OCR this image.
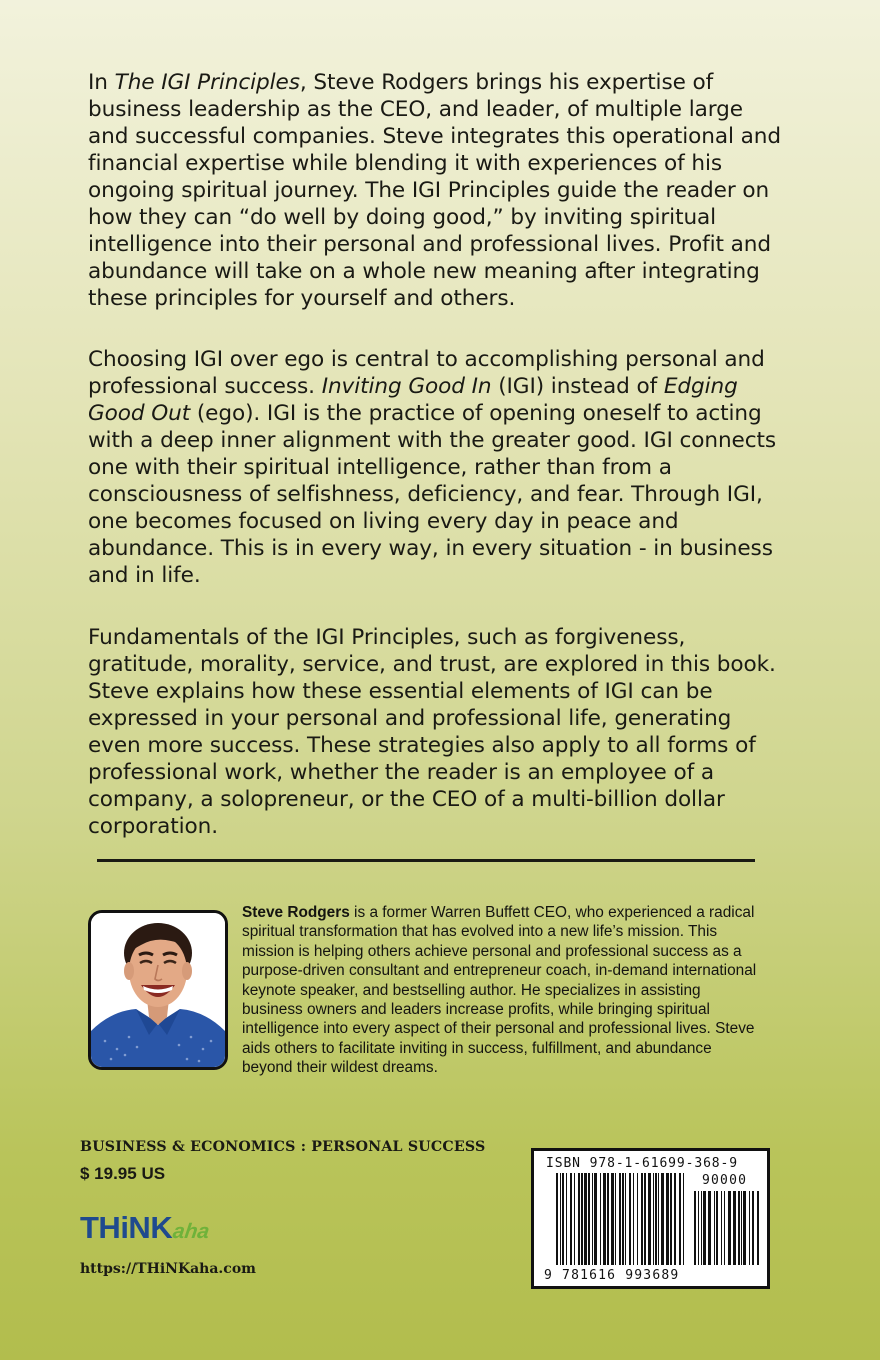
In The IGI Principles, Steve Rodgers brings his expertise of business leadership as the CEO, and leader, of multiple large and successful companies. Steve integrates this operational and financial expertise while blending it with experiences of his ongoing spiritual journey. The IGI Principles guide the reader on how they can “do well by doing good,” by inviting spiritual intelligence into their personal and professional lives. Profit and abundance will take on a whole new meaning after integrating these principles for yourself and others.

Choosing IGI over ego is central to accomplishing personal and professional success. Inviting Good In (IGI) instead of Edging Good Out (ego). IGI is the practice of opening oneself to acting with a deep inner alignment with the greater good. IGI connects one with their spiritual intelligence, rather than from a consciousness of selfishness, deficiency, and fear. Through IGI, one becomes focused on living every day in peace and abundance. This is in every way, in every situation - in business and in life.

Fundamentals of the IGI Principles, such as forgiveness, gratitude, morality, service, and trust, are explored in this book. Steve explains how these essential elements of IGI can be expressed in your personal and professional life, generating even more success. These strategies also apply to all forms of professional work, whether the reader is an employee of a company, a solopreneur, or the CEO of a multi-billion dollar corporation.

Steve Rodgers is a former Warren Buffett CEO, who experienced a radical spiritual transformation that has evolved into a new life’s mission. This mission is helping others achieve personal and professional success as a purpose-driven consultant and entrepreneur coach, in-demand international keynote speaker, and bestselling author. He specializes in assisting business owners and leaders increase profits, while bringing spiritual intelligence into every aspect of their personal and professional lives. Steve aids others to facilitate inviting in success, fulfillment, and abundance beyond their wildest dreams.

BUSINESS & ECONOMICS : PERSONAL SUCCESS
$ 19.95 US
THiNKaha
https://THiNKaha.com
ISBN 978-1-61699-368-9
90000
9 781616 993689
